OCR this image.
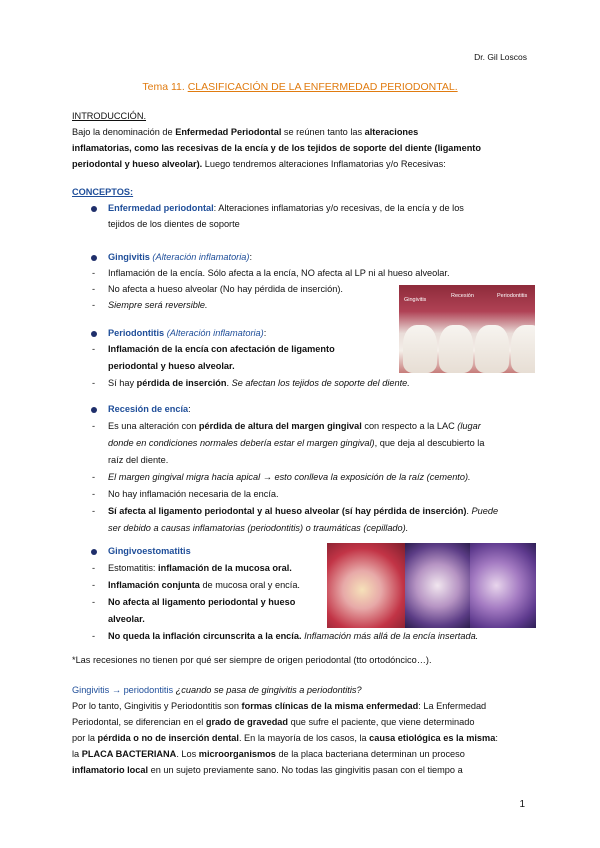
Dr. Gil Loscos
Tema 11. CLASIFICACIÓN DE LA ENFERMEDAD PERIODONTAL.
INTRODUCCIÓN.
CONCEPTOS:
Gingivitis
Recesión	Periodontitis
1
Bajo la denominación de Enfermedad Periodontal se reúnen tanto las alteraciones
inflamatorias, como las recesivas de la encía y de los tejidos de soporte del diente (ligamento
periodontal y hueso alveolar). Luego tendremos alteraciones Inflamatorias y/o Recesivas:
Enfermedad periodontal: Alteraciones inflamatorias y/o recesivas, de la encía y de los
tejidos de los dientes de soporte
Gingivitis (Alteración inflamatoria):
- Inflamación de la encía. Sólo afecta a la encía, NO afecta al LP ni al hueso alveolar.
- No afecta a hueso alveolar (No hay pérdida de inserción).
- Siempre será reversible.
Periodontitis (Alteración inflamatoria):
- Inflamación de la encía con afectación de ligamento
periodontal y hueso alveolar.
- Sí hay pérdida de inserción. Se afectan los tejidos de soporte del diente.
Recesión de encía:
- Es una alteración con pérdida de altura del margen gingival con respecto a la LAC (lugar
donde en condiciones normales debería estar el margen gingival), que deja al descubierto la
raíz del diente.
- El margen gingival migra hacia apical → esto conlleva la exposición de la raíz (cemento).
- No hay inflamación necesaria de la encía.
- Sí afecta al ligamento periodontal y al hueso alveolar (sí hay pérdida de inserción). Puede
ser debido a causas inflamatorias (periodontitis) o traumáticas (cepillado).
Gingivoestomatitis
- Estomatitis: inflamación de la mucosa oral.
- Inflamación conjunta de mucosa oral y encía.
- No afecta al ligamento periodontal y hueso
alveolar.
- No queda la inflación circunscrita a la encía. Inflamación más allá de la encía insertada.
*Las recesiones no tienen por qué ser siempre de origen periodontal (tto ortodóncico…).
Gingivitis → periodontitis ¿cuando se pasa de gingivitis a periodontitis?
Por lo tanto, Gingivitis y Periodontitis son formas clínicas de la misma enfermedad: La Enfermedad
Periodontal, se diferencian en el grado de gravedad que sufre el paciente, que viene determinado
por la pérdida o no de inserción dental. En la mayoría de los casos, la causa etiológica es la misma:
la PLACA BACTERIANA. Los microorganismos de la placa bacteriana determinan un proceso
inflamatorio local en un sujeto previamente sano. No todas las gingivitis pasan con el tiempo a
